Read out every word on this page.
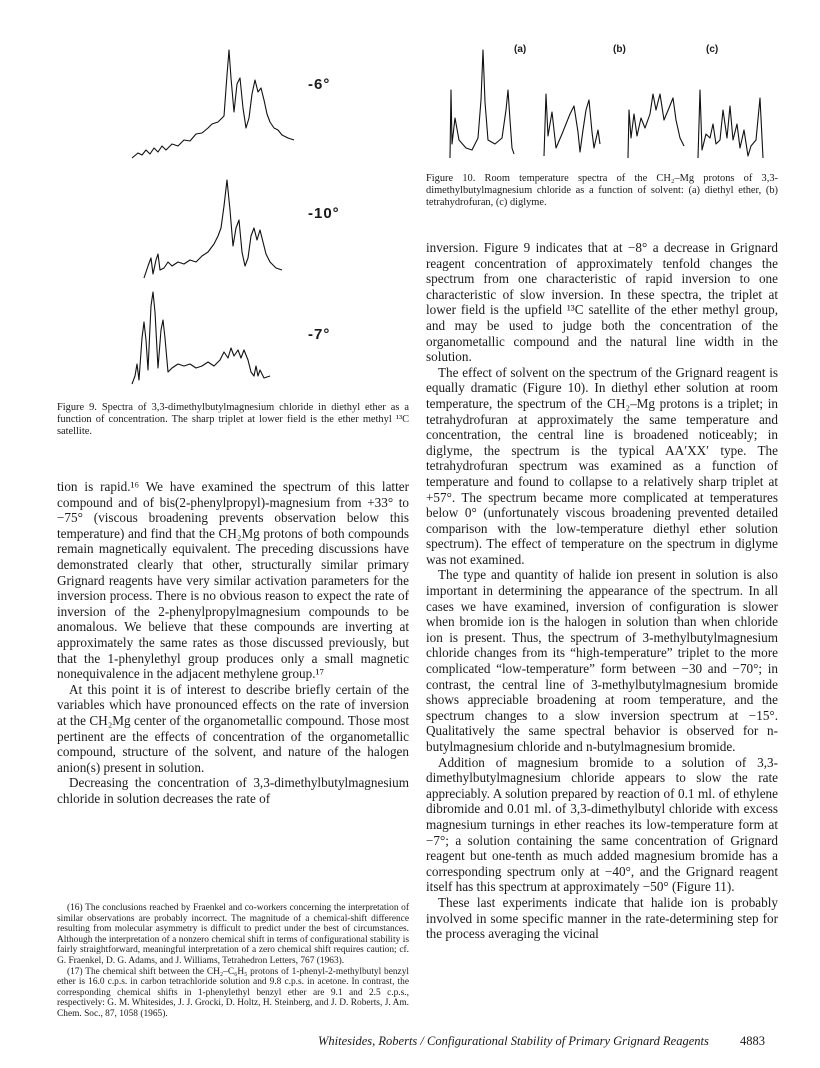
-6°
-10°
-7°
Figure 9. Spectra of 3,3-dimethylbutylmagnesium chloride in diethyl ether as a function of concentration. The sharp triplet at lower field is the ether methyl ¹³C satellite.
(a)	(b)	(c)
Figure 10. Room temperature spectra of the CH₂–Mg protons of 3,3-dimethylbutylmagnesium chloride as a function of solvent: (a) diethyl ether, (b) tetrahydrofuran, (c) diglyme.

tion is rapid.¹⁶ We have examined the spectrum of this latter compound and of bis(2-phenylpropyl)-magnesium from +33° to −75° (viscous broadening prevents observation below this temperature) and find that the CH₂Mg protons of both compounds remain magnetically equivalent. The preceding discussions have demonstrated clearly that other, structurally similar primary Grignard reagents have very similar activation parameters for the inversion process. There is no obvious reason to expect the rate of inversion of the 2-phenylpropylmagnesium compounds to be anomalous. We believe that these compounds are inverting at approximately the same rates as those discussed previously, but that the 1-phenylethyl group produces only a small magnetic nonequivalence in the adjacent methylene group.¹⁷

At this point it is of interest to describe briefly certain of the variables which have pronounced effects on the rate of inversion at the CH₂Mg center of the organometallic compound. Those most pertinent are the effects of concentration of the organometallic compound, structure of the solvent, and nature of the halogen anion(s) present in solution.

Decreasing the concentration of 3,3-dimethylbutylmagnesium chloride in solution decreases the rate of

(16) The conclusions reached by Fraenkel and co-workers concerning the interpretation of similar observations are probably incorrect. The magnitude of a chemical-shift difference resulting from molecular asymmetry is difficult to predict under the best of circumstances. Although the interpretation of a nonzero chemical shift in terms of configurational stability is fairly straightforward, meaningful interpretation of a zero chemical shift requires caution; cf. G. Fraenkel, D. G. Adams, and J. Williams, Tetrahedron Letters, 767 (1963).

(17) The chemical shift between the CH₂–C₆H₅ protons of 1-phenyl-2-methylbutyl benzyl ether is 16.0 c.p.s. in carbon tetrachloride solution and 9.8 c.p.s. in acetone. In contrast, the corresponding chemical shifts in 1-phenylethyl benzyl ether are 9.1 and 2.5 c.p.s., respectively: G. M. Whitesides, J. J. Grocki, D. Holtz, H. Steinberg, and J. D. Roberts, J. Am. Chem. Soc., 87, 1058 (1965).

inversion. Figure 9 indicates that at −8° a decrease in Grignard reagent concentration of approximately tenfold changes the spectrum from one characteristic of rapid inversion to one characteristic of slow inversion. In these spectra, the triplet at lower field is the upfield ¹³C satellite of the ether methyl group, and may be used to judge both the concentration of the organometallic compound and the natural line width in the solution.

The effect of solvent on the spectrum of the Grignard reagent is equally dramatic (Figure 10). In diethyl ether solution at room temperature, the spectrum of the CH₂–Mg protons is a triplet; in tetrahydrofuran at approximately the same temperature and concentration, the central line is broadened noticeably; in diglyme, the spectrum is the typical AA′XX′ type. The tetrahydrofuran spectrum was examined as a function of temperature and found to collapse to a relatively sharp triplet at +57°. The spectrum became more complicated at temperatures below 0° (unfortunately viscous broadening prevented detailed comparison with the low-temperature diethyl ether solution spectrum). The effect of temperature on the spectrum in diglyme was not examined.

The type and quantity of halide ion present in solution is also important in determining the appearance of the spectrum. In all cases we have examined, inversion of configuration is slower when bromide ion is the halogen in solution than when chloride ion is present. Thus, the spectrum of 3-methylbutylmagnesium chloride changes from its “high-temperature” triplet to the more complicated “low-temperature” form between −30 and −70°; in contrast, the central line of 3-methylbutylmagnesium bromide shows appreciable broadening at room temperature, and the spectrum changes to a slow inversion spectrum at −15°. Qualitatively the same spectral behavior is observed for n-butylmagnesium chloride and n-butylmagnesium bromide.

Addition of magnesium bromide to a solution of 3,3-dimethylbutylmagnesium chloride appears to slow the rate appreciably. A solution prepared by reaction of 0.1 ml. of ethylene dibromide and 0.01 ml. of 3,3-dimethylbutyl chloride with excess magnesium turnings in ether reaches its low-temperature form at −7°; a solution containing the same concentration of Grignard reagent but one-tenth as much added magnesium bromide has a corresponding spectrum only at −40°, and the Grignard reagent itself has this spectrum at approximately −50° (Figure 11).

These last experiments indicate that halide ion is probably involved in some specific manner in the rate-determining step for the process averaging the vicinal

Whitesides, Roberts / Configurational Stability of Primary Grignard Reagents 4883
